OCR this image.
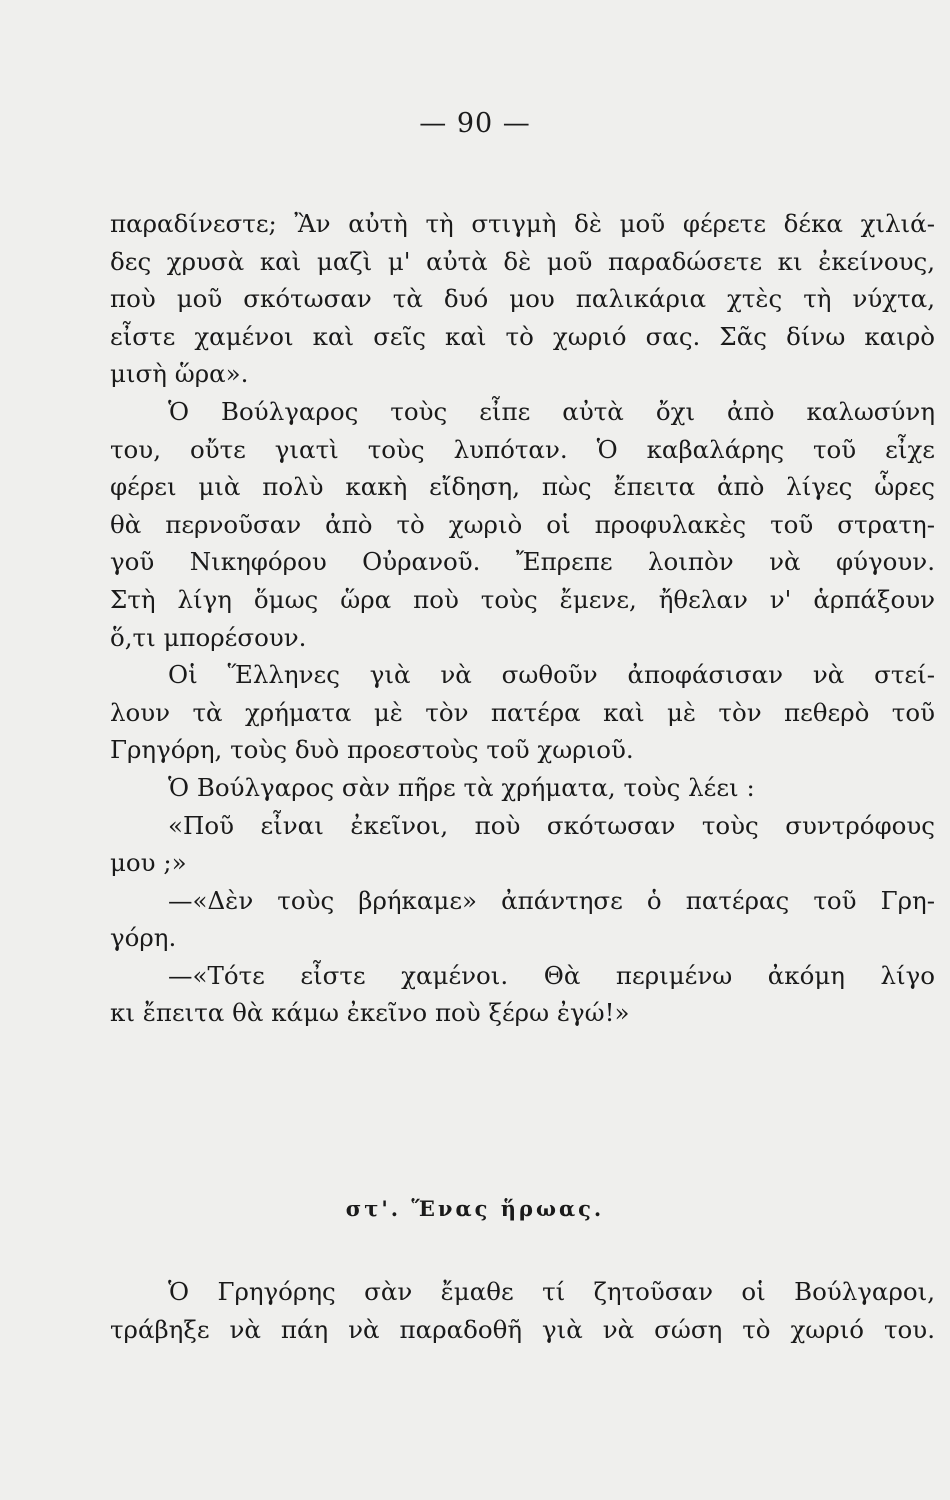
— 90 —
παραδίνεστε; Ἂν αὐτὴ τὴ στιγμὴ δὲ μοῦ φέρετε δέκα χιλιά-
δες χρυσὰ καὶ μαζὶ μ' αὐτὰ δὲ μοῦ παραδώσετε κι ἐκείνους,
ποὺ μοῦ σκότωσαν τὰ δυό μου παλικάρια χτὲς τὴ νύχτα,
εἶστε χαμένοι καὶ σεῖς καὶ τὸ χωριό σας. Σᾶς δίνω καιρὸ
μισὴ ὥρα».
Ὁ Βούλγαρος τοὺς εἶπε αὐτὰ ὄχι ἀπὸ καλωσύνη
του, οὔτε γιατὶ τοὺς λυπόταν. Ὁ καβαλάρης τοῦ εἶχε
φέρει μιὰ πολὺ κακὴ εἴδηση, πὼς ἔπειτα ἀπὸ λίγες ὧρες
θὰ περνοῦσαν ἀπὸ τὸ χωριὸ οἱ προφυλακὲς τοῦ στρατη-
γοῦ Νικηφόρου Οὐρανοῦ. Ἔπρεπε λοιπὸν νὰ φύγουν.
Στὴ λίγη ὅμως ὥρα ποὺ τοὺς ἔμενε, ἤθελαν ν' ἁρπάξουν
ὅ,τι μπορέσουν.
Οἱ Ἕλληνες γιὰ νὰ σωθοῦν ἀποφάσισαν νὰ στεί-
λουν τὰ χρήματα μὲ τὸν πατέρα καὶ μὲ τὸν πεθερὸ τοῦ
Γρηγόρη, τοὺς δυὸ προεστοὺς τοῦ χωριοῦ.
Ὁ Βούλγαρος σὰν πῆρε τὰ χρήματα, τοὺς λέει :
«Ποῦ εἶναι ἐκεῖνοι, ποὺ σκότωσαν τοὺς συντρόφους
μου ;»
—«Δὲν τοὺς βρήκαμε» ἀπάντησε ὁ πατέρας τοῦ Γρη-
γόρη.
—«Τότε εἶστε χαμένοι. Θὰ περιμένω ἀκόμη λίγο
κι ἔπειτα θὰ κάμω ἐκεῖνο ποὺ ξέρω ἐγώ!»
στ'. Ἕνας ἥρωας.
Ὁ Γρηγόρης σὰν ἔμαθε τί ζητοῦσαν οἱ Βούλγαροι,
τράβηξε νὰ πάη νὰ παραδοθῆ γιὰ νὰ σώση τὸ χωριό του.
